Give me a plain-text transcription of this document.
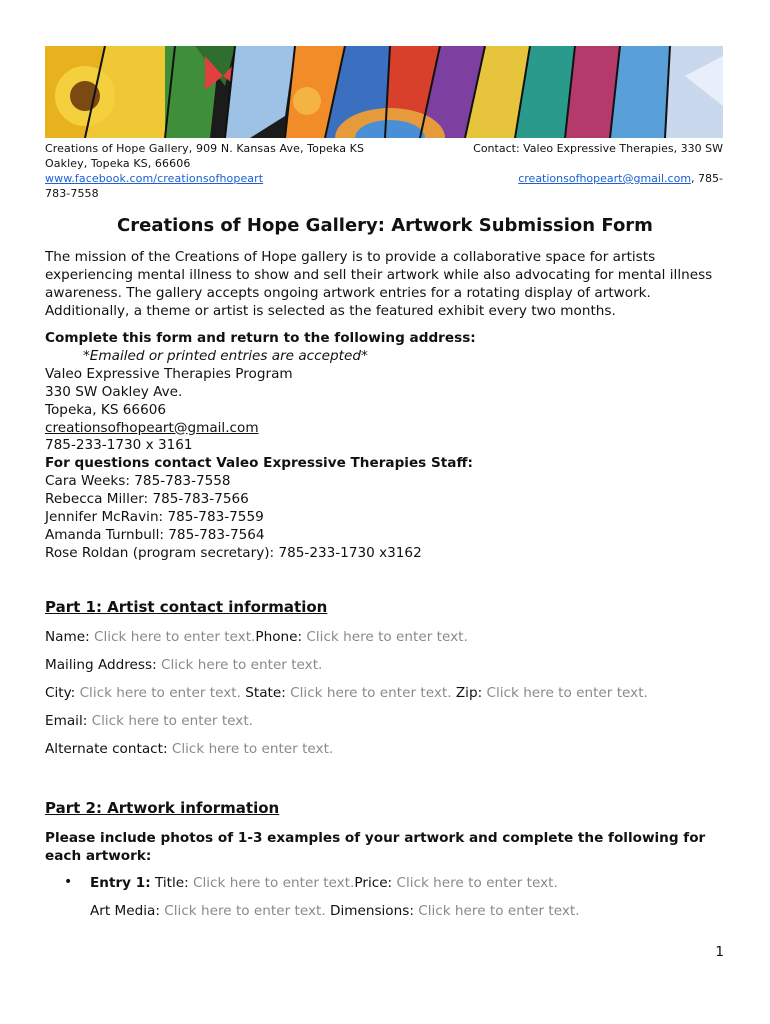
Creations of Hope Gallery, 909 N. Kansas Ave, Topeka KS
Oakley, Topeka KS, 66606
www.facebook.com/creationsofhopeart
783-7558
Contact: Valeo Expressive Therapies, 330 SW
creationsofhopeart@gmail.com, 785-
Creations of Hope Gallery: Artwork Submission Form
The mission of the Creations of Hope gallery is to provide a collaborative space for artists experiencing mental illness to show and sell their artwork while also advocating for mental illness awareness. The gallery accepts ongoing artwork entries for a rotating display of artwork. Additionally, a theme or artist is selected as the featured exhibit every two months.
Complete this form and return to the following address:
*Emailed or printed entries are accepted*
Valeo Expressive Therapies Program
330 SW Oakley Ave.
Topeka, KS 66606
creationsofhopeart@gmail.com
785-233-1730 x 3161
For questions contact Valeo Expressive Therapies Staff:
Cara Weeks: 785-783-7558
Rebecca Miller: 785-783-7566
Jennifer McRavin: 785-783-7559
Amanda Turnbull: 785-783-7564
Rose Roldan (program secretary): 785-233-1730 x3162
Part 1: Artist contact information
Name: Click here to enter text.Phone: Click here to enter text.
Mailing Address: Click here to enter text.
City: Click here to enter text. State: Click here to enter text. Zip: Click here to enter text.
Email: Click here to enter text.
Alternate contact: Click here to enter text.
Part 2: Artwork information
Please include photos of 1-3 examples of your artwork and complete the following for each artwork:
• Entry 1: Title: Click here to enter text.Price: Click here to enter text.
Art Media: Click here to enter text. Dimensions: Click here to enter text.
1
